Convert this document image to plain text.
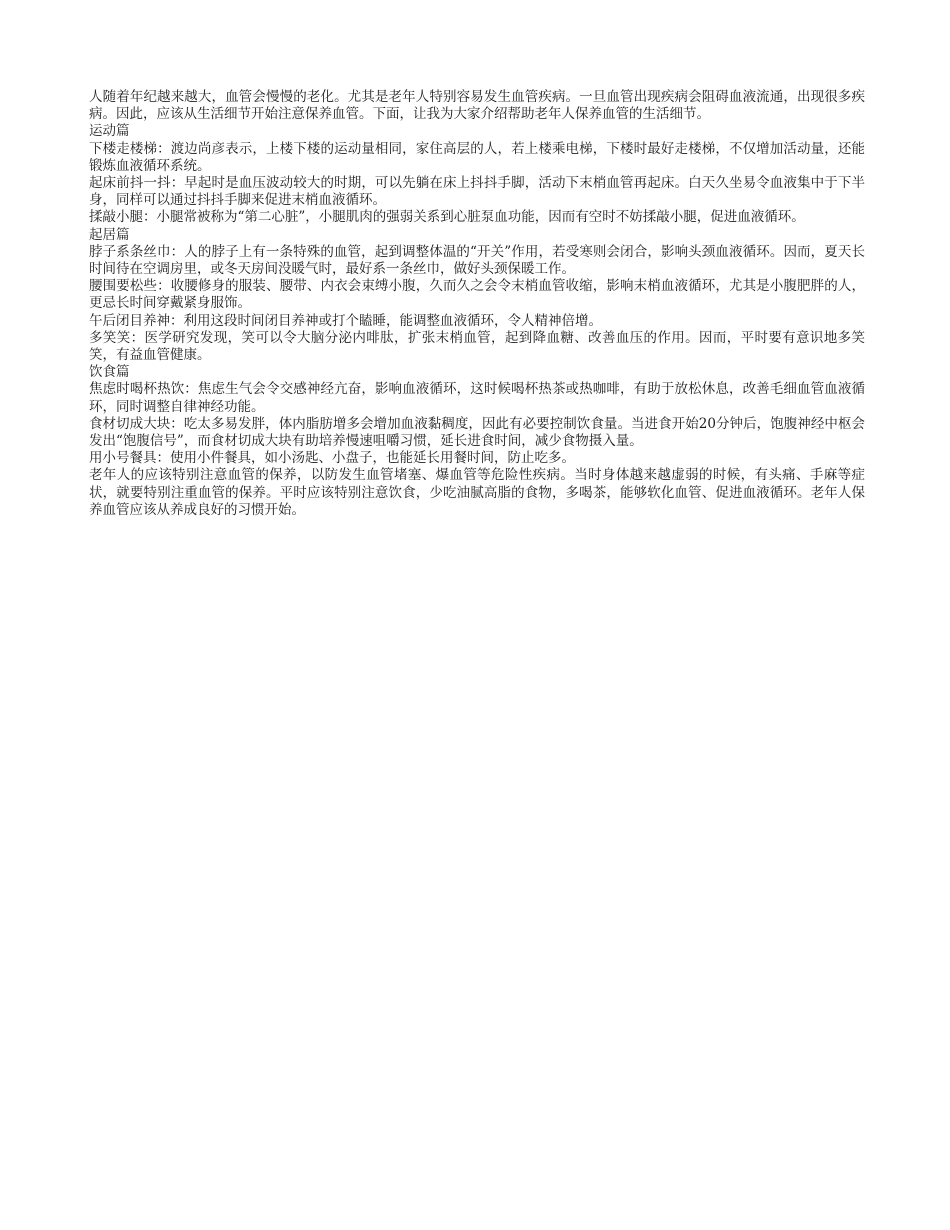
人随着年纪越来越大，血管会慢慢的老化。尤其是老年人特别容易发生血管疾病。一旦血管出现疾病会阻碍血液流通，出现很多疾病。因此，应该从生活细节开始注意保养血管。下面，让我为大家介绍帮助老年人保养血管的生活细节。

运动篇

下楼走楼梯：渡边尚彦表示，上楼下楼的运动量相同，家住高层的人，若上楼乘电梯，下楼时最好走楼梯，不仅增加活动量，还能锻炼血液循环系统。

起床前抖一抖：早起时是血压波动较大的时期，可以先躺在床上抖抖手脚，活动下末梢血管再起床。白天久坐易令血液集中于下半身，同样可以通过抖抖手脚来促进末梢血液循环。

揉敲小腿：小腿常被称为“第二心脏”，小腿肌肉的强弱关系到心脏泵血功能，因而有空时不妨揉敲小腿，促进血液循环。

起居篇

脖子系条丝巾：人的脖子上有一条特殊的血管，起到调整体温的“开关”作用，若受寒则会闭合，影响头颈血液循环。因而，夏天长时间待在空调房里，或冬天房间没暖气时，最好系一条丝巾，做好头颈保暖工作。

腰围要松些：收腰修身的服装、腰带、内衣会束缚小腹，久而久之会令末梢血管收缩，影响末梢血液循环，尤其是小腹肥胖的人，更忌长时间穿戴紧身服饰。

午后闭目养神：利用这段时间闭目养神或打个瞌睡，能调整血液循环，令人精神倍增。

多笑笑：医学研究发现，笑可以令大脑分泌内啡肽，扩张末梢血管，起到降血糖、改善血压的作用。因而，平时要有意识地多笑笑，有益血管健康。

饮食篇

焦虑时喝杯热饮：焦虑生气会令交感神经亢奋，影响血液循环，这时候喝杯热茶或热咖啡，有助于放松休息，改善毛细血管血液循环，同时调整自律神经功能。

食材切成大块：吃太多易发胖，体内脂肪增多会增加血液黏稠度，因此有必要控制饮食量。当进食开始20分钟后，饱腹神经中枢会发出“饱腹信号”，而食材切成大块有助培养慢速咀嚼习惯，延长进食时间，减少食物摄入量。

用小号餐具：使用小件餐具，如小汤匙、小盘子，也能延长用餐时间，防止吃多。

老年人的应该特别注意血管的保养，以防发生血管堵塞、爆血管等危险性疾病。当时身体越来越虚弱的时候，有头痛、手麻等症状，就要特别注重血管的保养。平时应该特别注意饮食，少吃油腻高脂的食物，多喝茶，能够软化血管、促进血液循环。老年人保养血管应该从养成良好的习惯开始。
